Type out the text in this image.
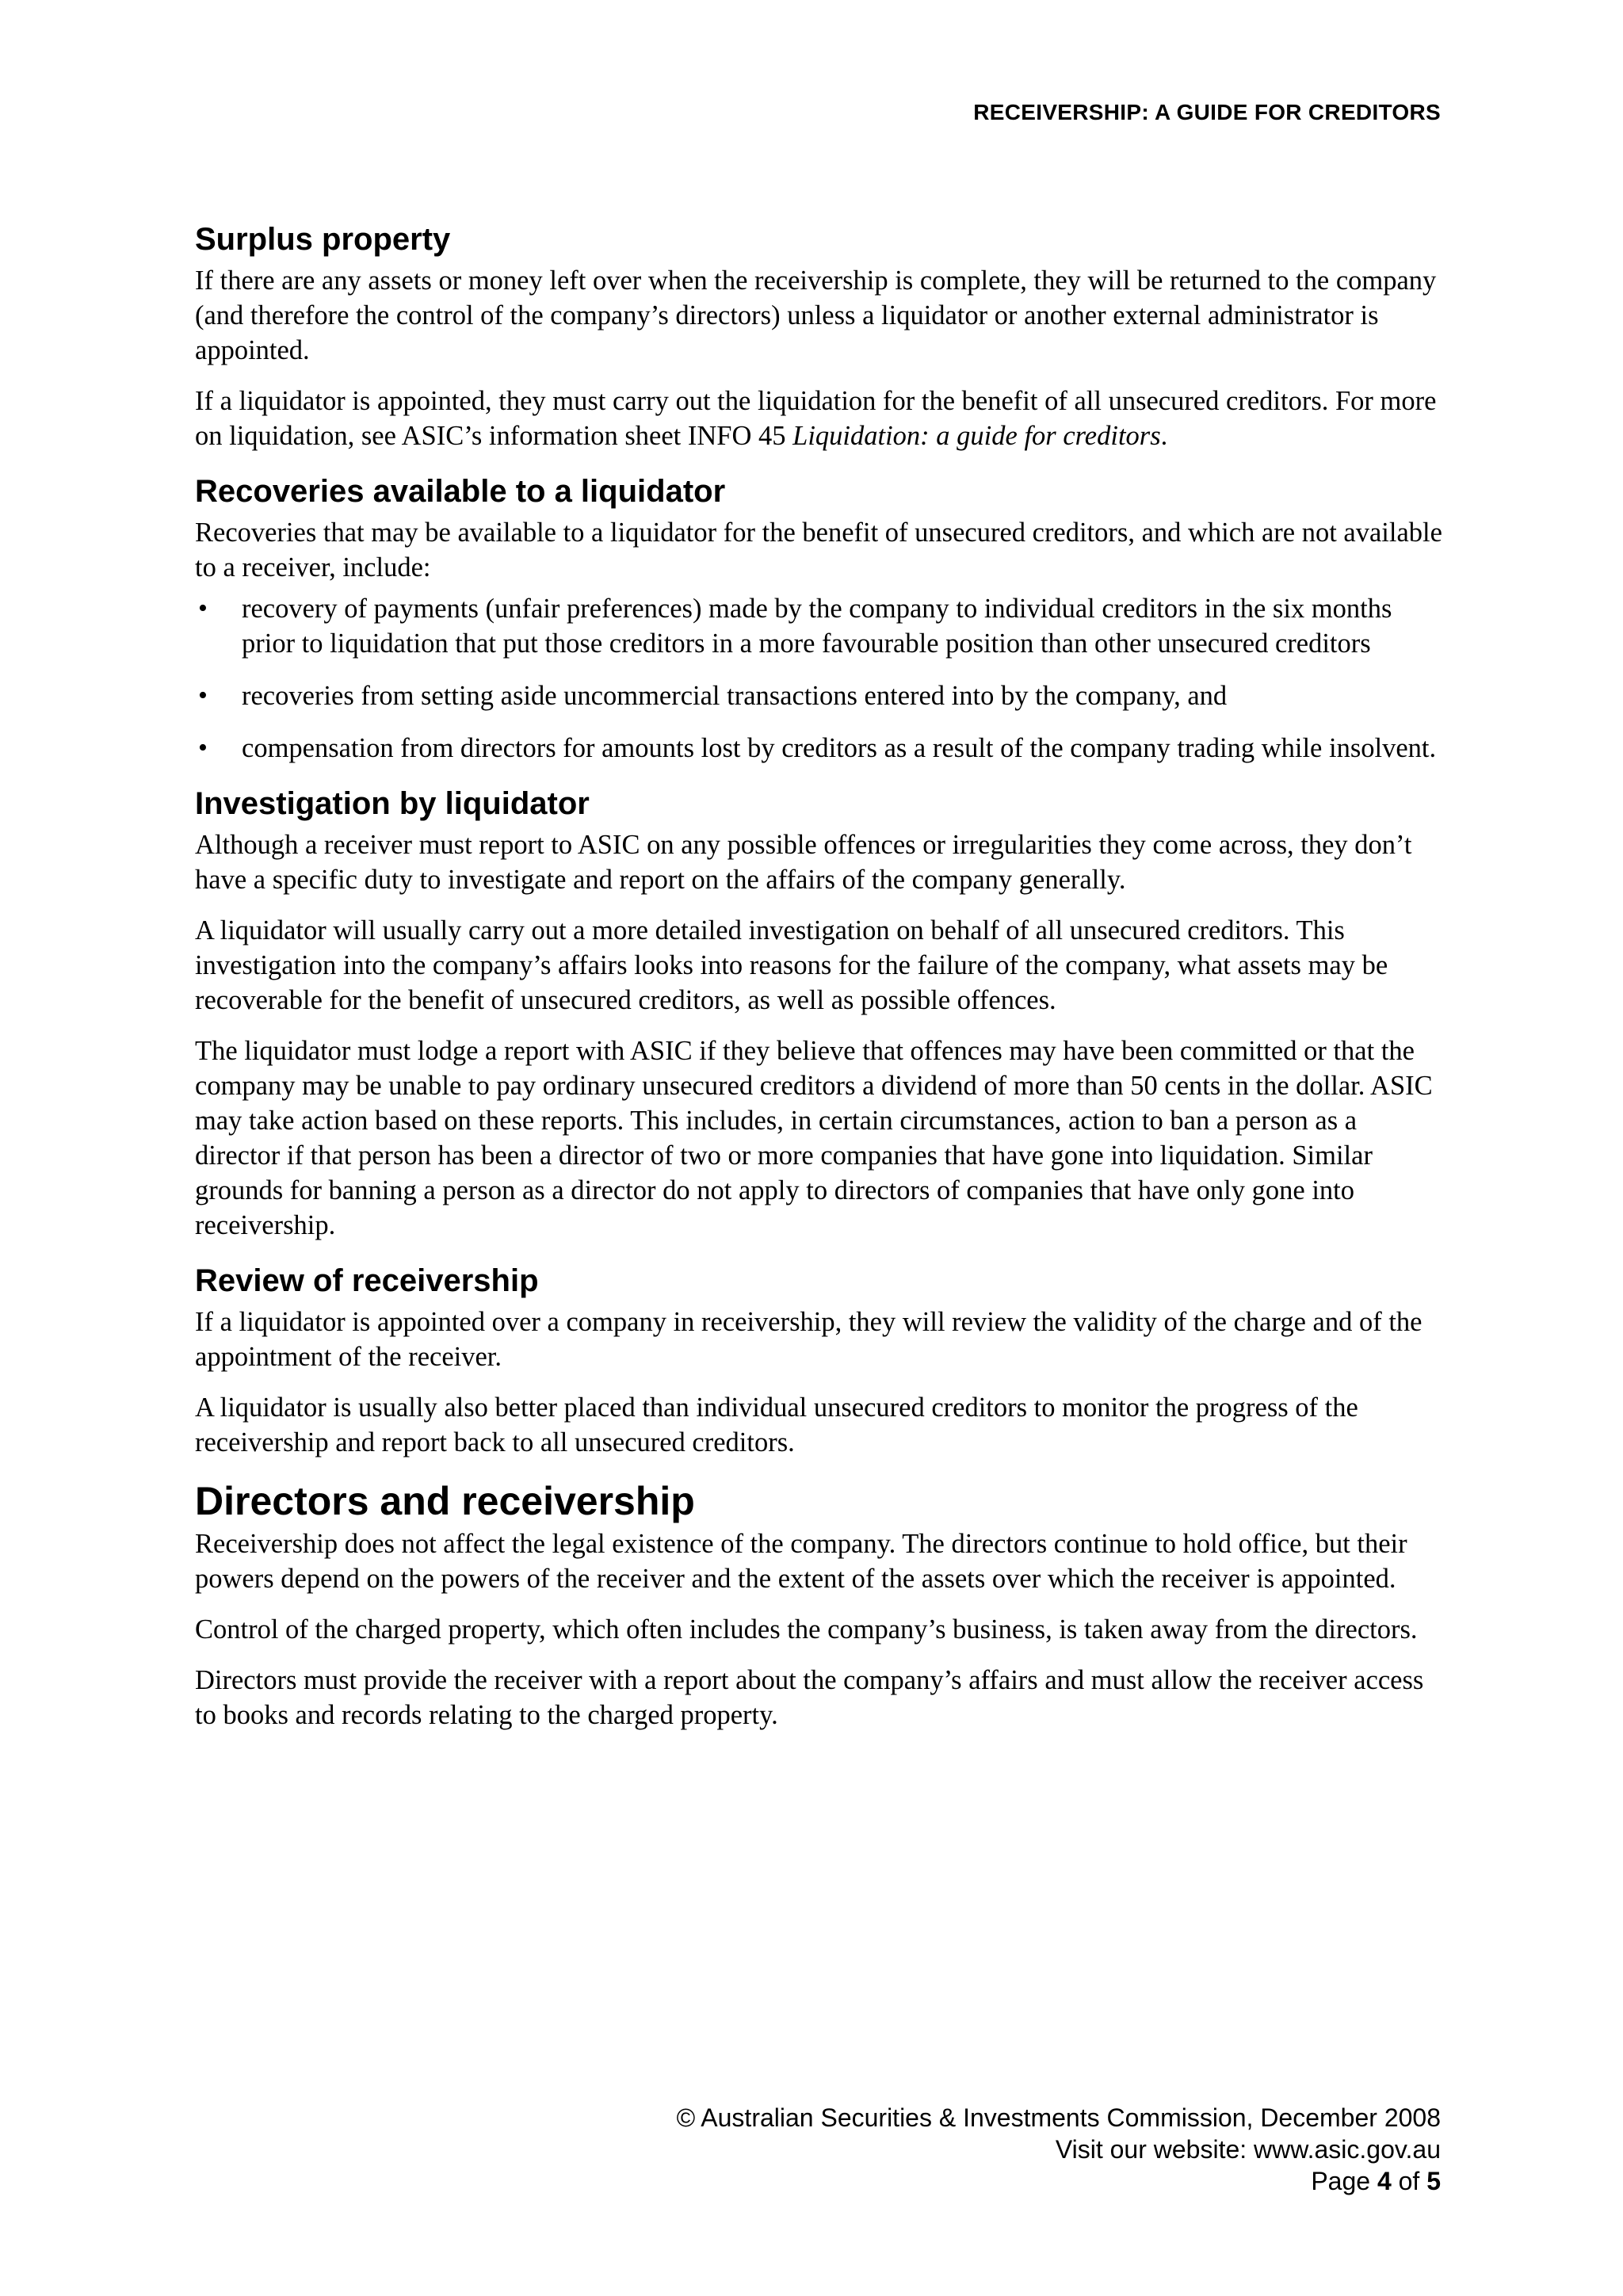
RECEIVERSHIP: A GUIDE FOR CREDITORS
Surplus property

If there are any assets or money left over when the receivership is complete, they will be returned to the company (and therefore the control of the company’s directors) unless a liquidator or another external administrator is appointed.

If a liquidator is appointed, they must carry out the liquidation for the benefit of all unsecured creditors. For more on liquidation, see ASIC’s information sheet INFO 45 Liquidation: a guide for creditors.

Recoveries available to a liquidator

Recoveries that may be available to a liquidator for the benefit of unsecured creditors, and which are not available to a receiver, include:

• recovery of payments (unfair preferences) made by the company to individual creditors in the six months prior to liquidation that put those creditors in a more favourable position than other unsecured creditors
• recoveries from setting aside uncommercial transactions entered into by the company, and
• compensation from directors for amounts lost by creditors as a result of the company trading while insolvent.
Investigation by liquidator

Although a receiver must report to ASIC on any possible offences or irregularities they come across, they don’t have a specific duty to investigate and report on the affairs of the company generally.

A liquidator will usually carry out a more detailed investigation on behalf of all unsecured creditors. This investigation into the company’s affairs looks into reasons for the failure of the company, what assets may be recoverable for the benefit of unsecured creditors, as well as possible offences.

The liquidator must lodge a report with ASIC if they believe that offences may have been committed or that the company may be unable to pay ordinary unsecured creditors a dividend of more than 50 cents in the dollar. ASIC may take action based on these reports. This includes, in certain circumstances, action to ban a person as a director if that person has been a director of two or more companies that have gone into liquidation. Similar grounds for banning a person as a director do not apply to directors of companies that have only gone into receivership.

Review of receivership

If a liquidator is appointed over a company in receivership, they will review the validity of the charge and of the appointment of the receiver.

A liquidator is usually also better placed than individual unsecured creditors to monitor the progress of the receivership and report back to all unsecured creditors.

Directors and receivership

Receivership does not affect the legal existence of the company. The directors continue to hold office, but their powers depend on the powers of the receiver and the extent of the assets over which the receiver is appointed.

Control of the charged property, which often includes the company’s business, is taken away from the directors.

Directors must provide the receiver with a report about the company’s affairs and must allow the receiver access to books and records relating to the charged property.

© Australian Securities & Investments Commission, December 2008
Visit our website: www.asic.gov.au
Page 4 of 5
